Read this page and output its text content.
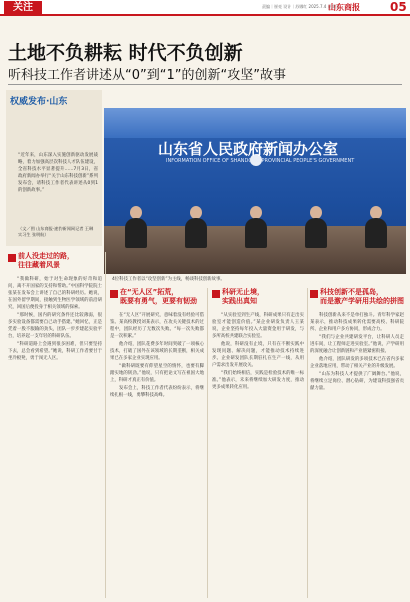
关注	责编｜崔亮 设计｜苏娜红 2025.7.4 星期五
山东商报	05
土地不负耕耘 时代不负创新
听科技工作者讲述从“0”到“1”的创新“攻坚”故事
权威发布·山东
“近年来，山东深入实施创新驱动发展战略，着力加强高层次科技人才队伍建设，全省科技水平显著提升……7月3日，省政府新闻办举行“关于山东科技创新”系列发布会，请科技工作者代表讲述从0到1的创新故事。”
（文／图 山东商报·速豹新闻网记者 王琳 实习生 张明航）
山东省人民政府新闻办公室
INFORMATION OFFICE OF SHANDONG PROVINCIAL PEOPLE'S GOVERNMENT
4位科技工作者以“攻坚创新”为主线，畅谈科技创新故事。
前人没走过的路，
往往藏着风景

“我做科研，始于对生命现象的好奇和追问，离不开国家的支持和帮助。”中国科学院院士张某在发布会上讲述了自己的科研经历。她说，在国外留学期间，接触到生物医学领域的前沿研究，回国后便投身于相关领域的探索。

“那时候，国内的研究条件还比较薄弱，很多实验设备都需要自己动手搭建。”她回忆，正是凭着一股不服输的劲头，团队一步步建起实验平台，培养起一支年轻的科研队伍。

“科研道路上会遇到很多困难，但只要坚持下去，总会看到希望。”她说，科研工作者要甘于坐冷板凳，勇于闯无人区。

在“无人区”拓荒，
既要有勇气，更要有韧劲

在“无人区”开展研究，意味着没有经验可借鉴。某高校教授刘某表示，在攻关关键技术的过程中，团队经历了无数次失败。“每一次失败都是一次积累。”

他介绍，团队花费多年时间突破了一项核心技术，打破了国外在该领域的长期垄断，相关成果已在多家企业实现应用。

“做科研既要有仰望星空的情怀，也要有脚踏实地的韧劲。”他说，只有把论文写在祖国大地上，科研才真正有价值。

发布会上，科技工作者代表纷纷表示，将继续扎根一线，勇攀科技高峰。

科研无止境，
实践出真知

“从实验室到生产线，科研成果只有走出实验室才能创造价值。”某企业研发负责人王某说，企业坚持每年投入大量资金用于研发，与多所高校共建联合实验室。

他说，科研没有止境，只有在不断实践中发现问题、解决问题，才能推动技术持续进步。企业研发团队长期驻扎在生产一线，从用户需求出发开展攻关。

“我们始终相信，实践是检验技术的唯一标准。”他表示，未来将继续加大研发力度，推动更多成果转化应用。

科技创新不是孤岛，
而是激产学研用共绘的拼图

科技创新从来不是单打独斗。青年科学家赵某表示，推动科技成果转化需要高校、科研院所、企业和用户多方协同，形成合力。

“我们与企业共建研发平台，让科研人员走进车间，让工程师走进实验室。”他说，产学研用的深度融合让创新链和产业链紧密衔接。

他介绍，团队研发的多项技术已在省内多家企业落地应用，带动了相关产业的升级发展。

“山东为科技人才提供了广阔舞台。”他说，将继续立足岗位、潜心钻研，为建设科技强省贡献力量。
